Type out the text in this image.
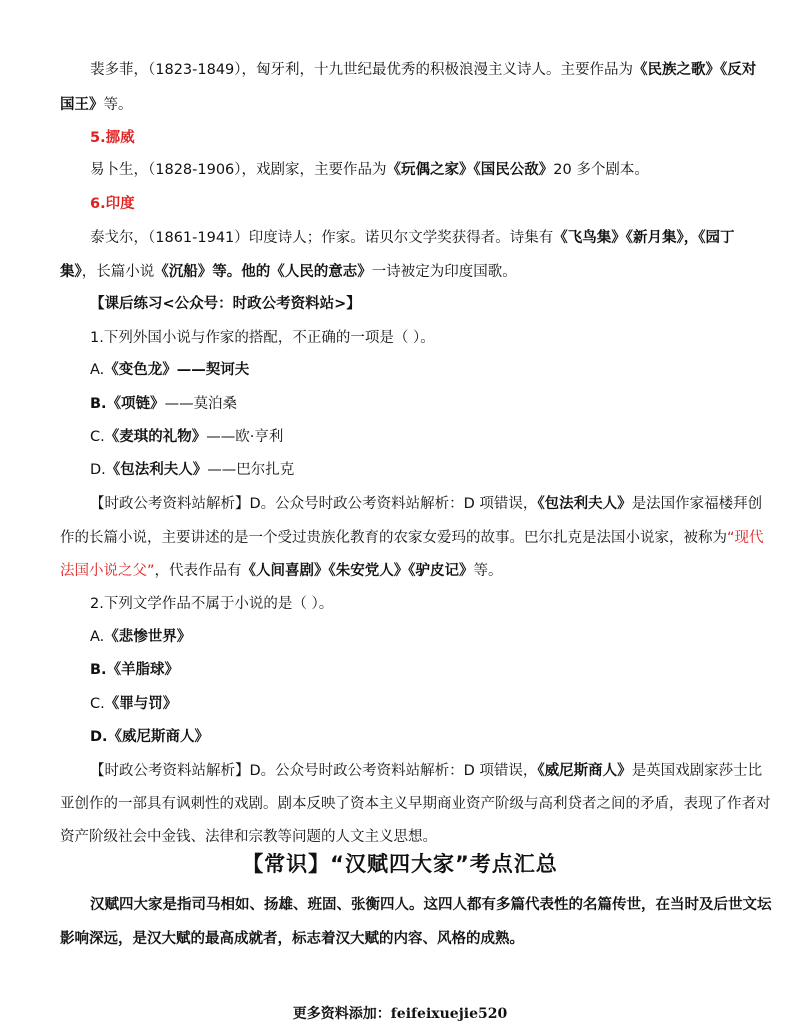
裴多菲，（1823-1849），匈牙利，十九世纪最优秀的积极浪漫主义诗人。主要作品为《民族之歌》《反对
国王》等。
5.挪威
易卜生，（1828-1906），戏剧家，主要作品为《玩偶之家》《国民公敌》20 多个剧本。
6.印度
泰戈尔，（1861-1941）印度诗人；作家。诺贝尔文学奖获得者。诗集有《飞鸟集》《新月集》，《园丁
集》，长篇小说《沉船》等。他的《人民的意志》一诗被定为印度国歌。
【课后练习<公众号：时政公考资料站>】
1.下列外国小说与作家的搭配，不正确的一项是（ ）。
A.《变色龙》——契诃夫
B.《项链》——莫泊桑
C.《麦琪的礼物》——欧·亨利
D.《包法利夫人》——巴尔扎克
【时政公考资料站解析】D。公众号时政公考资料站解析：D 项错误，《包法利夫人》是法国作家福楼拜创
作的长篇小说，主要讲述的是一个受过贵族化教育的农家女爱玛的故事。巴尔扎克是法国小说家，被称为“现代
法国小说之父”，代表作品有《人间喜剧》《朱安党人》《驴皮记》等。
2.下列文学作品不属于小说的是（ ）。
A.《悲惨世界》
B.《羊脂球》
C.《罪与罚》
D.《威尼斯商人》
【时政公考资料站解析】D。公众号时政公考资料站解析：D 项错误，《威尼斯商人》是英国戏剧家莎士比
亚创作的一部具有讽刺性的戏剧。剧本反映了资本主义早期商业资产阶级与高利贷者之间的矛盾，表现了作者对
资产阶级社会中金钱、法律和宗教等问题的人文主义思想。
【常识】“汉赋四大家”考点汇总
汉赋四大家是指司马相如、扬雄、班固、张衡四人。这四人都有多篇代表性的名篇传世，在当时及后世文坛
影响深远，是汉大赋的最高成就者，标志着汉大赋的内容、风格的成熟。
更多资料添加：feifeixuejie520
